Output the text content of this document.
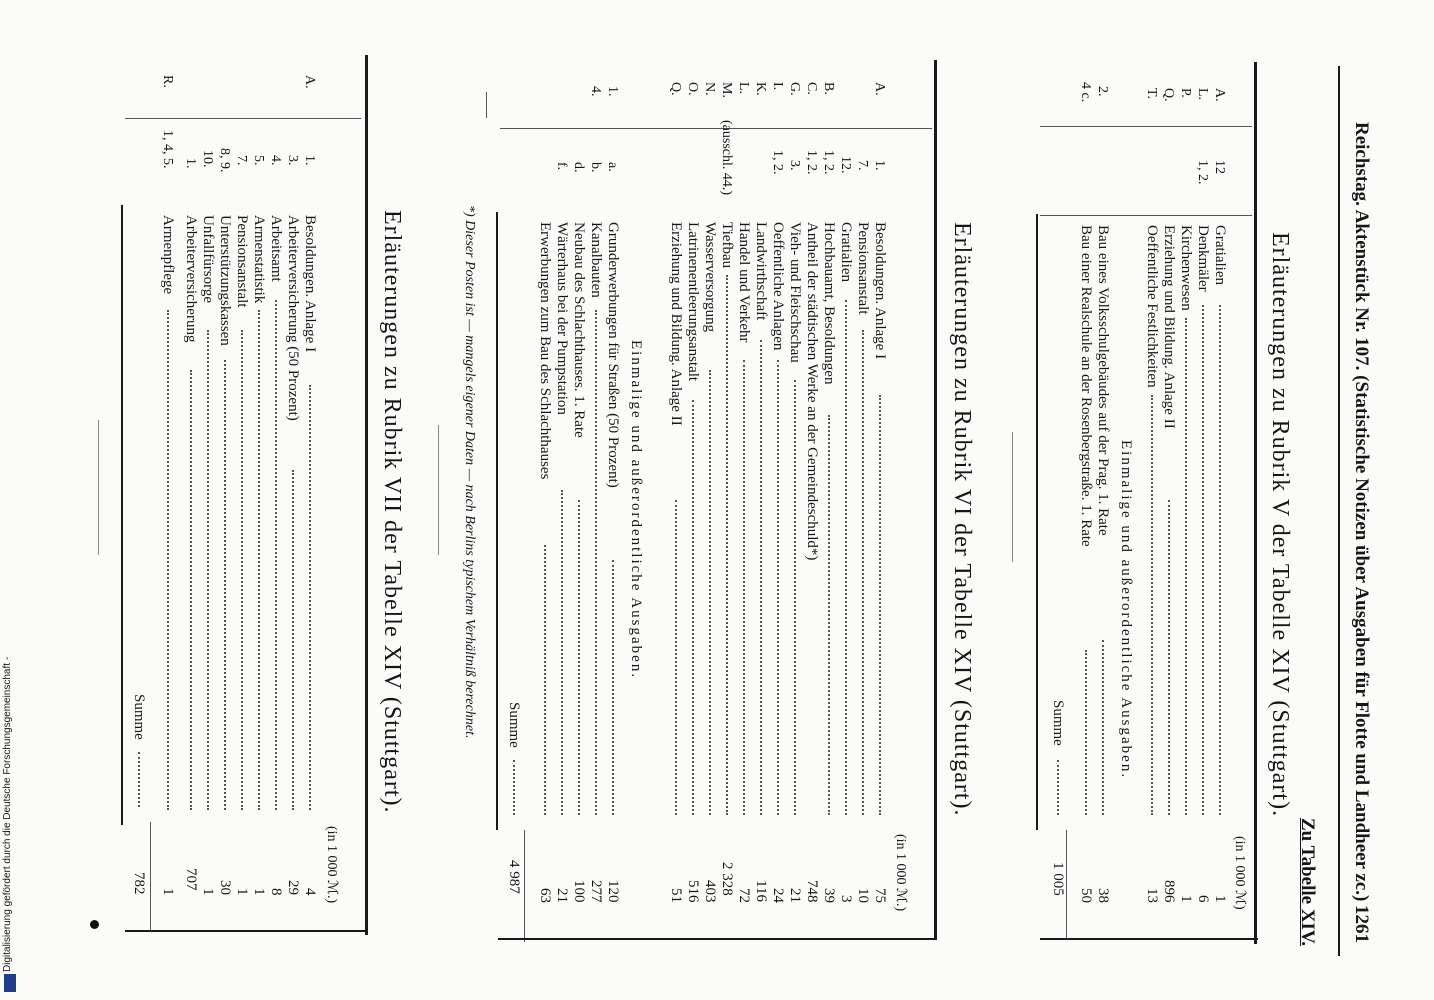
Reichstag. Aktenstück Nr. 107. (Statistische Notizen über Ausgaben für Flotte und Landheer zc.)
1261
Zu Tabelle XIV.
Erläuterungen zu Rubrik V der Tabelle XIV (Stuttgart).
(in 1 000 ℳ)
A.
12
Gratialien
1
L.
1, 2.
Denkmäler
6
P.
Kirchenwesen
1
Q.
Erziehung und Bildung. Anlage II
896
T.
Oeffentliche Festlichkeiten
13
Einmalige und außerordentliche Ausgaben.
2.
Bau eines Volksschulgebäudes auf der Prag. 1. Rate
38
4 c.
Bau einer Realschule an der Rosenbergstraße. 1. Rate
50
Summe
1 005
Erläuterungen zu Rubrik VI der Tabelle XIV (Stuttgart).
(in 1 000 ℳ.)
A.
1.
Besoldungen. Anlage I
75
7.
Pensionsanstalt
10
12.
Gratialien
3
B.
1, 2.
Hochbauamt, Besoldungen
39
C.
1, 2.
Antheil der städtischen Werke an der Gemeindeschuld*)
748
G.
3.
Vieh- und Fleischschau
21
I.
1, 2.
Oeffentliche Anlagen
24
K.
Landwirthschaft
116
L.
Handel und Verkehr
72
M.
(ausschl. 44.)
Tiefbau
2 328
N.
Wasserversorgung
403
O.
Latrinenentleerungsanstalt
516
Q.
Erziehung und Bildung. Anlage II
51
Einmalige und außerordentliche Ausgaben.
1.
a.
Grunderwerbungen für Straßen (50 Prozent)
120
4.
b.
Kanalbauten
277
d.
Neubau des Schlachthauses. 1. Rate
100
f.
Wärterhaus bei der Pumpstation
21
Erwerbungen zum Bau des Schlachthauses
63
Summe
4 987
*) Dieser Posten ist — mangels eigener Daten — nach Berlins typischem Verhältniß berechnet.
Erläuterungen zu Rubrik VII der Tabelle XIV (Stuttgart).
(in 1 000 ℳ.)
A.
1.
Besoldungen. Anlage I
4
3.
Arbeiterversicherung (50 Prozent)
29
4.
Arbeitsamt
8
5.
Armenstatistik
1
7.
Pensionsanstalt
1
8, 9.
Unterstützungskassen
30
10.
Unfallfürsorge
1
1.
Arbeiterversicherung
707
R.
1, 4, 5.
Armenpflege
1
Summe
782
Digitalisierung gefördert durch die Deutsche Forschungsgemeinschaft -
